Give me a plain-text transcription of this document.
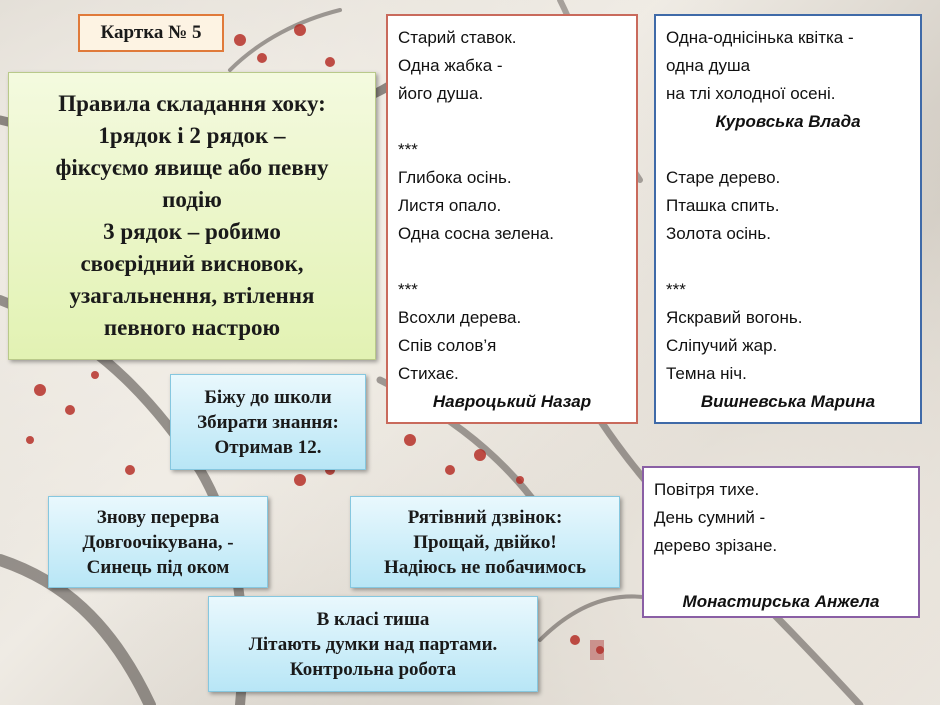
Картка № 5
Правила складання хоку:
1рядок і 2 рядок –
фіксуємо явище або певну
подію
3 рядок – робимо
своєрідний висновок,
узагальнення, втілення
певного настрою
Старий ставок.
Одна жабка -
його душа.
***
Глибока осінь.
Листя опало.
Одна сосна зелена.
***
Всохли дерева.
Спів солов’я
Стихає.
Навроцький Назар
Одна-однісінька квітка -
одна душа
на тлі холодної осені.
Куровська Влада
Старе дерево.
Пташка спить.
Золота осінь.
***
Яскравий вогонь.
Сліпучий жар.
Темна ніч.
Вишневська Марина
Повітря тихе.
День сумний -
дерево зрізане.
Монастирська Анжела
Біжу до школи
Збирати знання:
Отримав 12.
Знову перерва
Довгоочікувана, -
Синець під оком
Рятівний дзвінок:
Прощай, двійко!
Надіюсь не побачимось
В класі тиша
Літають думки над партами.
Контрольна робота
